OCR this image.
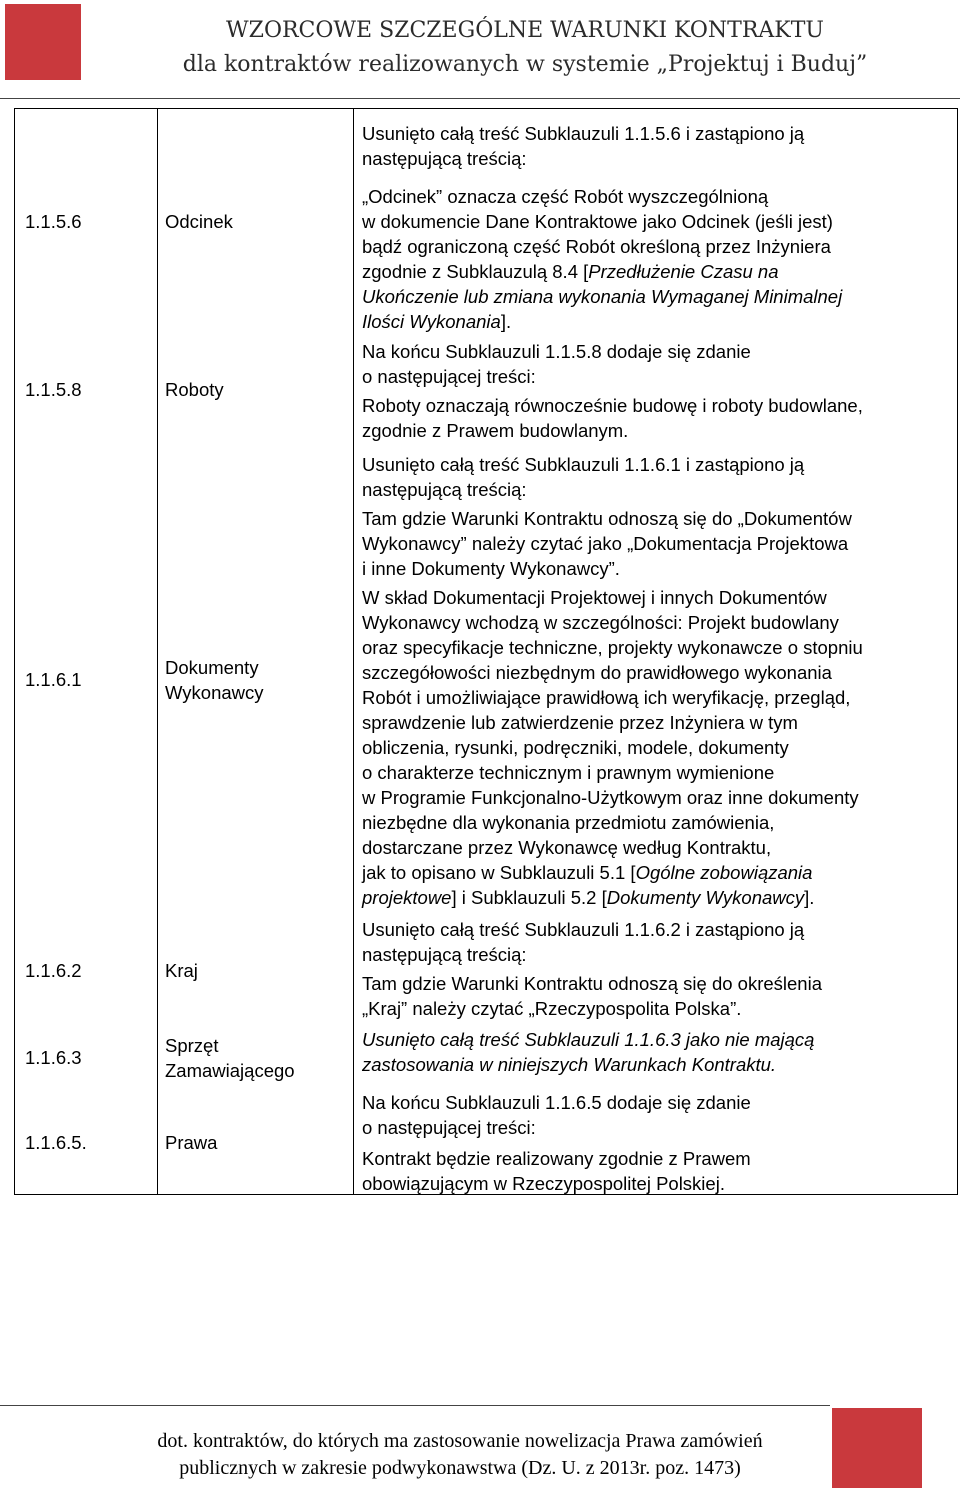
WZORCOWE SZCZEGÓLNE WARUNKI KONTRAKTU
dla kontraktów realizowanych w systemie „Projektuj i Buduj”
1.1.5.6
1.1.5.8
1.1.6.1
1.1.6.2
1.1.6.3
1.1.6.5.
Odcinek
Roboty
Dokumenty
Wykonawcy
Kraj
Sprzęt
Zamawiającego
Prawa
Usunięto całą treść Subklauzuli 1.1.5.6 i zastąpiono ją
następującą treścią:
„Odcinek” oznacza część Robót wyszczególnioną
w dokumencie Dane Kontraktowe jako Odcinek (jeśli jest)
bądź ograniczoną część Robót określoną przez Inżyniera
zgodnie z Subklauzulą 8.4 [Przedłużenie Czasu na
Ukończenie lub zmiana wykonania Wymaganej Minimalnej
Ilości Wykonania].
Na końcu Subklauzuli 1.1.5.8 dodaje się zdanie
o następującej treści:
Roboty oznaczają równocześnie budowę i roboty budowlane,
zgodnie z Prawem budowlanym.
Usunięto całą treść Subklauzuli 1.1.6.1 i zastąpiono ją
następującą treścią:
Tam gdzie Warunki Kontraktu odnoszą się do „Dokumentów
Wykonawcy” należy czytać jako „Dokumentacja Projektowa
i inne Dokumenty Wykonawcy”.
W skład Dokumentacji Projektowej i innych Dokumentów
Wykonawcy wchodzą w szczególności: Projekt budowlany
oraz specyfikacje techniczne, projekty wykonawcze o stopniu
szczegółowości niezbędnym do prawidłowego wykonania
Robót i umożliwiające prawidłową ich weryfikację, przegląd,
sprawdzenie lub zatwierdzenie przez Inżyniera w tym
obliczenia, rysunki, podręczniki, modele, dokumenty
o charakterze technicznym i prawnym wymienione
w Programie Funkcjonalno-Użytkowym oraz inne dokumenty
niezbędne dla wykonania przedmiotu zamówienia,
dostarczane przez Wykonawcę według Kontraktu,
jak to opisano w Subklauzuli 5.1 [Ogólne zobowiązania
projektowe] i Subklauzuli 5.2 [Dokumenty Wykonawcy].
Usunięto całą treść Subklauzuli 1.1.6.2 i zastąpiono ją
następującą treścią:
Tam gdzie Warunki Kontraktu odnoszą się do określenia
„Kraj” należy czytać „Rzeczypospolita Polska”.
Usunięto całą treść Subklauzuli 1.1.6.3 jako nie mającą
zastosowania w niniejszych Warunkach Kontraktu.
Na końcu Subklauzuli 1.1.6.5 dodaje się zdanie
o następującej treści:
Kontrakt będzie realizowany zgodnie z Prawem
obowiązującym w Rzeczypospolitej Polskiej.
dot. kontraktów, do których ma zastosowanie nowelizacja Prawa zamówień
publicznych w zakresie podwykonawstwa (Dz. U. z 2013r. poz. 1473)
